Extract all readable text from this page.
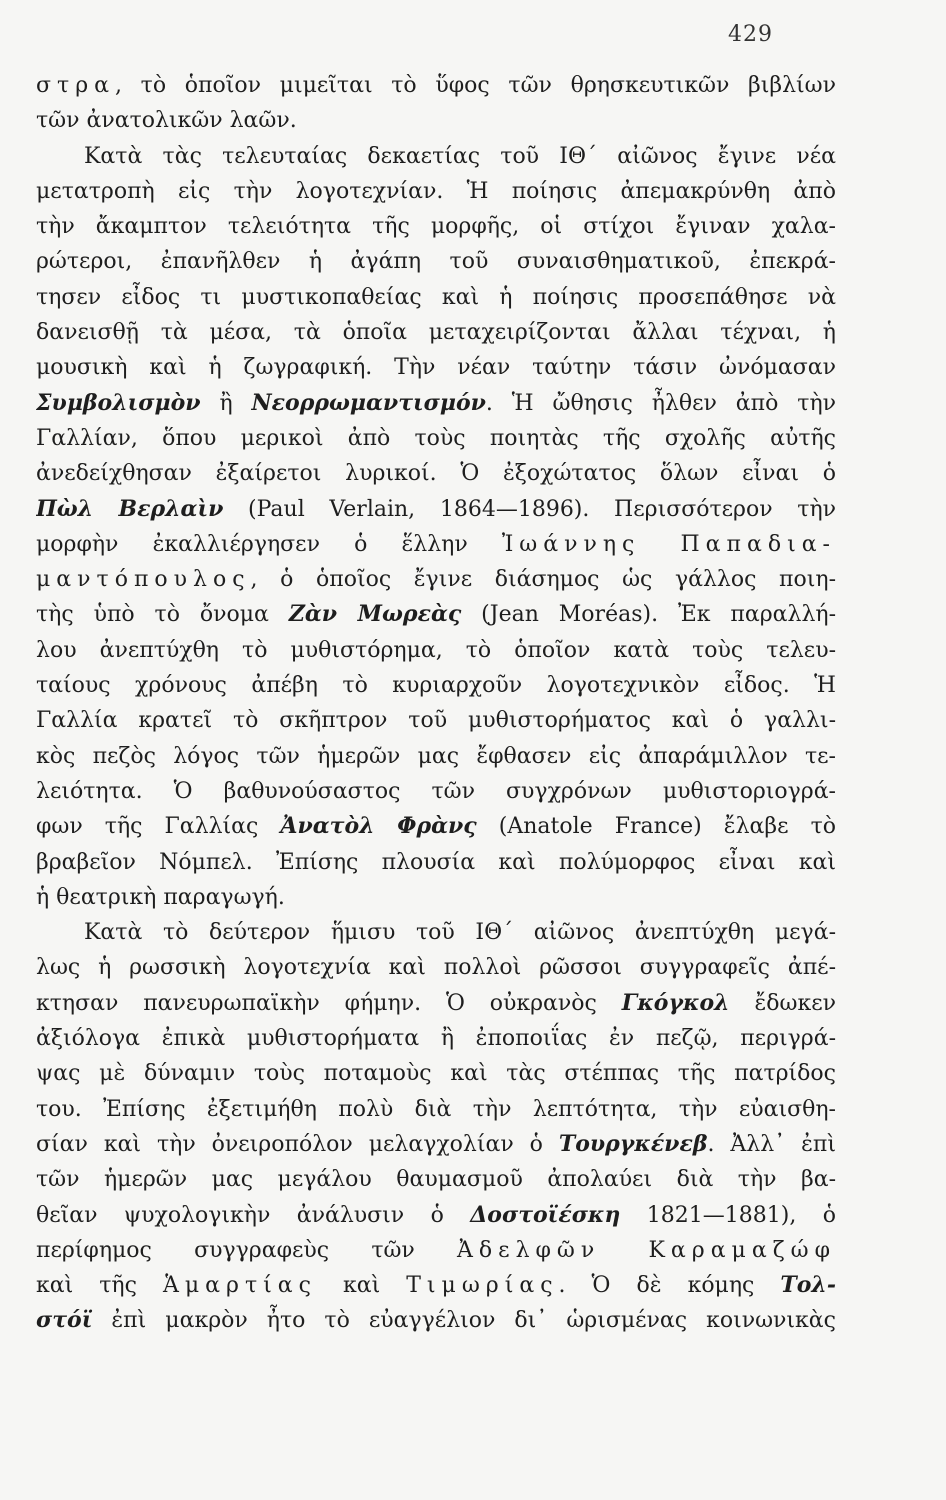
429
στρα, τὸ ὁποῖον μιμεῖται τὸ ὕφος τῶν θρησκευτικῶν βιβλίων
τῶν ἀνατολικῶν λαῶν.
Κατὰ τὰς τελευταίας δεκαετίας τοῦ ΙΘ΄ αἰῶνος ἔγινε νέα
μετατροπὴ εἰς τὴν λογοτεχνίαν. Ἡ ποίησις ἀπεμακρύνθη ἀπὸ
τὴν ἄκαμπτον τελειότητα τῆς μορφῆς, οἱ στίχοι ἔγιναν χαλα-
ρώτεροι, ἐπανῆλθεν ἡ ἀγάπη τοῦ συναισθηματικοῦ, ἐπεκρά-
τησεν εἶδος τι μυστικοπαθείας καὶ ἡ ποίησις προσεπάθησε νὰ
δανεισθῇ τὰ μέσα, τὰ ὁποῖα μεταχειρίζονται ἄλλαι τέχναι, ἡ
μουσικὴ καὶ ἡ ζωγραφική. Τὴν νέαν ταύτην τάσιν ὠνόμασαν
Συμβολισμὸν ἢ Νεορρωμαντισμόν. Ἡ ὤθησις ἦλθεν ἀπὸ τὴν
Γαλλίαν, ὅπου μερικοὶ ἀπὸ τοὺς ποιητὰς τῆς σχολῆς αὐτῆς
ἀνεδείχθησαν ἐξαίρετοι λυρικοί. Ὁ ἐξοχώτατος ὅλων εἶναι ὁ
Πὼλ Βερλαὶν (Paul Verlain, 1864—1896). Περισσότερον τὴν
μορφὴν ἐκαλλιέργησεν ὁ ἕλλην Ἰωάννης Παπαδια-
μαντόπουλος, ὁ ὁποῖος ἔγινε διάσημος ὡς γάλλος ποιη-
τὴς ὑπὸ τὸ ὄνομα Ζὰν Μωρεὰς (Jean Moréas). Ἐκ παραλλή-
λου ἀνεπτύχθη τὸ μυθιστόρημα, τὸ ὁποῖον κατὰ τοὺς τελευ-
ταίους χρόνους ἀπέβη τὸ κυριαρχοῦν λογοτεχνικὸν εἶδος. Ἡ
Γαλλία κρατεῖ τὸ σκῆπτρον τοῦ μυθιστορήματος καὶ ὁ γαλλι-
κὸς πεζὸς λόγος τῶν ἡμερῶν μας ἔφθασεν εἰς ἀπαράμιλλον τε-
λειότητα. Ὁ βαθυνούσαστος τῶν συγχρόνων μυθιστοριογρά-
φων τῆς Γαλλίας Ἀνατὸλ Φρὰνς (Anatole France) ἔλαβε τὸ
βραβεῖον Νόμπελ. Ἐπίσης πλουσία καὶ πολύμορφος εἶναι καὶ
ἡ θεατρικὴ παραγωγή.
Κατὰ τὸ δεύτερον ἥμισυ τοῦ ΙΘ΄ αἰῶνος ἀνεπτύχθη μεγά-
λως ἡ ρωσσικὴ λογοτεχνία καὶ πολλοὶ ρῶσσοι συγγραφεῖς ἀπέ-
κτησαν πανευρωπαϊκὴν φήμην. Ὁ οὐκρανὸς Γκόγκολ ἔδωκεν
ἀξιόλογα ἐπικὰ μυθιστορήματα ἢ ἐποποιΐας ἐν πεζῷ, περιγρά-
ψας μὲ δύναμιν τοὺς ποταμοὺς καὶ τὰς στέππας τῆς πατρίδος
του. Ἐπίσης ἐξετιμήθη πολὺ διὰ τὴν λεπτότητα, τὴν εὐαισθη-
σίαν καὶ τὴν ὀνειροπόλον μελαγχολίαν ὁ Τουργκένεβ. Ἀλλ᾽ ἐπὶ
τῶν ἡμερῶν μας μεγάλου θαυμασμοῦ ἀπολαύει διὰ τὴν βα-
θεῖαν ψυχολογικὴν ἀνάλυσιν ὁ Δοστοϊέσκη 1821—1881), ὁ
περίφημος συγγραφεὺς τῶν Ἀδελφῶν Καραμαζώφ
καὶ τῆς Ἁμαρτίας καὶ Τιμωρίας. Ὁ δὲ κόμης Τολ-
στόϊ ἐπὶ μακρὸν ἦτο τὸ εὐαγγέλιον δι᾽ ὡρισμένας κοινωνικὰς
